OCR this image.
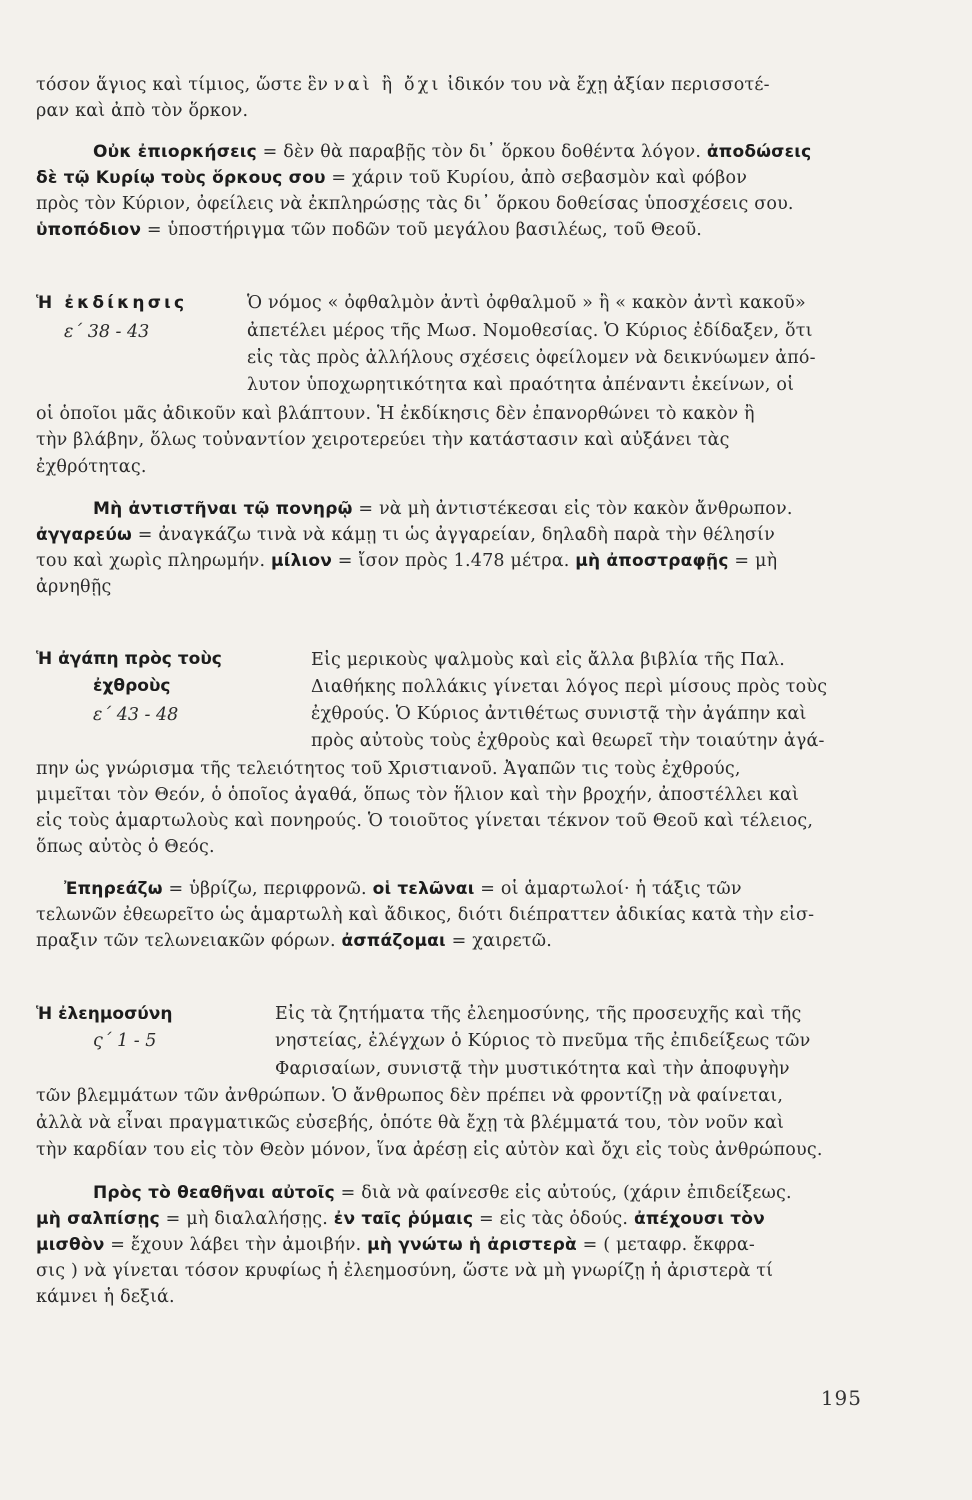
τόσον ἅγιος καὶ τίμιος, ὥστε ἓν ναὶ ἢ ὄχι ἰδικόν του νὰ ἔχῃ ἀξίαν περισσοτέ-
ραν καὶ ἀπὸ τὸν ὅρκον.
Οὐκ ἐπιορκήσεις = δὲν θὰ παραβῇς τὸν δι᾿ ὅρκου δοθέντα λόγον. ἀποδώσεις
δὲ τῷ Κυρίῳ τοὺς ὅρκους σου = χάριν τοῦ Κυρίου, ἀπὸ σεβασμὸν καὶ φόβον
πρὸς τὸν Κύριον, ὀφείλεις νὰ ἐκπληρώσῃς τὰς δι᾿ ὅρκου δοθείσας ὑποσχέσεις σου.
ὑποπόδιον = ὑποστήριγμα τῶν ποδῶν τοῦ μεγάλου βασιλέως, τοῦ Θεοῦ.
Ἡ ἐκδίκησις
ε΄ 38 - 43
Ὁ νόμος « ὀφθαλμὸν ἀντὶ ὀφθαλμοῦ » ἢ « κακὸν ἀντὶ κακοῦ»
ἀπετέλει μέρος τῆς Μωσ. Νομοθεσίας. Ὁ Κύριος ἐδίδαξεν, ὅτι
εἰς τὰς πρὸς ἀλλήλους σχέσεις ὀφείλομεν νὰ δεικνύωμεν ἀπό-
λυτον ὑποχωρητικότητα καὶ πραότητα ἀπέναντι ἐκείνων, οἱ
οἱ ὁποῖοι μᾶς ἀδικοῦν καὶ βλάπτουν. Ἡ ἐκδίκησις δὲν ἐπανορθώνει τὸ κακὸν ἢ
τὴν βλάβην, ὅλως τοὐναντίον χειροτερεύει τὴν κατάστασιν καὶ αὐξάνει τὰς
ἐχθρότητας.
Μὴ ἀντιστῆναι τῷ πονηρῷ = νὰ μὴ ἀντιστέκεσαι εἰς τὸν κακὸν ἄνθρωπον.
ἀγγαρεύω = ἀναγκάζω τινὰ νὰ κάμῃ τι ὡς ἀγγαρείαν, δηλαδὴ παρὰ τὴν θέλησίν
του καὶ χωρὶς πληρωμήν. μίλιον = ἴσον πρὸς 1.478 μέτρα. μὴ ἀποστραφῇς = μὴ
ἀρνηθῇς
Ἡ ἀγάπη πρὸς τοὺς
ἐχθροὺς
ε΄ 43 - 48
Εἰς μερικοὺς ψαλμοὺς καὶ εἰς ἄλλα βιβλία τῆς Παλ.
Διαθήκης πολλάκις γίνεται λόγος περὶ μίσους πρὸς τοὺς
ἐχθρούς. Ὁ Κύριος ἀντιθέτως συνιστᾷ τὴν ἀγάπην καὶ
πρὸς αὐτοὺς τοὺς ἐχθροὺς καὶ θεωρεῖ τὴν τοιαύτην ἀγά-
πην ὡς γνώρισμα τῆς τελειότητος τοῦ Χριστιανοῦ. Ἀγαπῶν τις τοὺς ἐχθρούς,
μιμεῖται τὸν Θεόν, ὁ ὁποῖος ἀγαθά, ὅπως τὸν ἥλιον καὶ τὴν βροχήν, ἀποστέλλει καὶ
εἰς τοὺς ἁμαρτωλοὺς καὶ πονηρούς. Ὁ τοιοῦτος γίνεται τέκνον τοῦ Θεοῦ καὶ τέλειος,
ὅπως αὐτὸς ὁ Θεός.
Ἐπηρεάζω = ὑβρίζω, περιφρονῶ. οἱ τελῶναι = οἱ ἁμαρτωλοί· ἡ τάξις τῶν
τελωνῶν ἐθεωρεῖτο ὡς ἁμαρτωλὴ καὶ ἄδικος, διότι διέπραττεν ἀδικίας κατὰ τὴν εἰσ-
πραξιν τῶν τελωνειακῶν φόρων. ἀσπάζομαι = χαιρετῶ.
Ἡ ἐλεημοσύνη
ς΄ 1 - 5
Εἰς τὰ ζητήματα τῆς ἐλεημοσύνης, τῆς προσευχῆς καὶ τῆς
νηστείας, ἐλέγχων ὁ Κύριος τὸ πνεῦμα τῆς ἐπιδείξεως τῶν
Φαρισαίων, συνιστᾷ τὴν μυστικότητα καὶ τὴν ἀποφυγὴν
τῶν βλεμμάτων τῶν ἀνθρώπων. Ὁ ἄνθρωπος δὲν πρέπει νὰ φροντίζῃ νὰ φαίνεται,
ἀλλὰ νὰ εἶναι πραγματικῶς εὐσεβής, ὁπότε θὰ ἔχῃ τὰ βλέμματά του, τὸν νοῦν καὶ
τὴν καρδίαν του εἰς τὸν Θεὸν μόνον, ἵνα ἀρέσῃ εἰς αὐτὸν καὶ ὄχι εἰς τοὺς ἀνθρώπους.
Πρὸς τὸ θεαθῆναι αὐτοῖς = διὰ νὰ φαίνεσθε εἰς αὐτούς, (χάριν ἐπιδείξεως.
μὴ σαλπίσῃς = μὴ διαλαλήσῃς. ἐν ταῖς ῥύμαις = εἰς τὰς ὁδούς. ἀπέχουσι τὸν
μισθὸν = ἔχουν λάβει τὴν ἀμοιβήν. μὴ γνώτω ἡ ἀριστερὰ = ( μεταφρ. ἔκφρα-
σις ) νὰ γίνεται τόσον κρυφίως ἡ ἐλεημοσύνη, ὥστε νὰ μὴ γνωρίζῃ ἡ ἀριστερὰ τί
κάμνει ἡ δεξιά.
195
